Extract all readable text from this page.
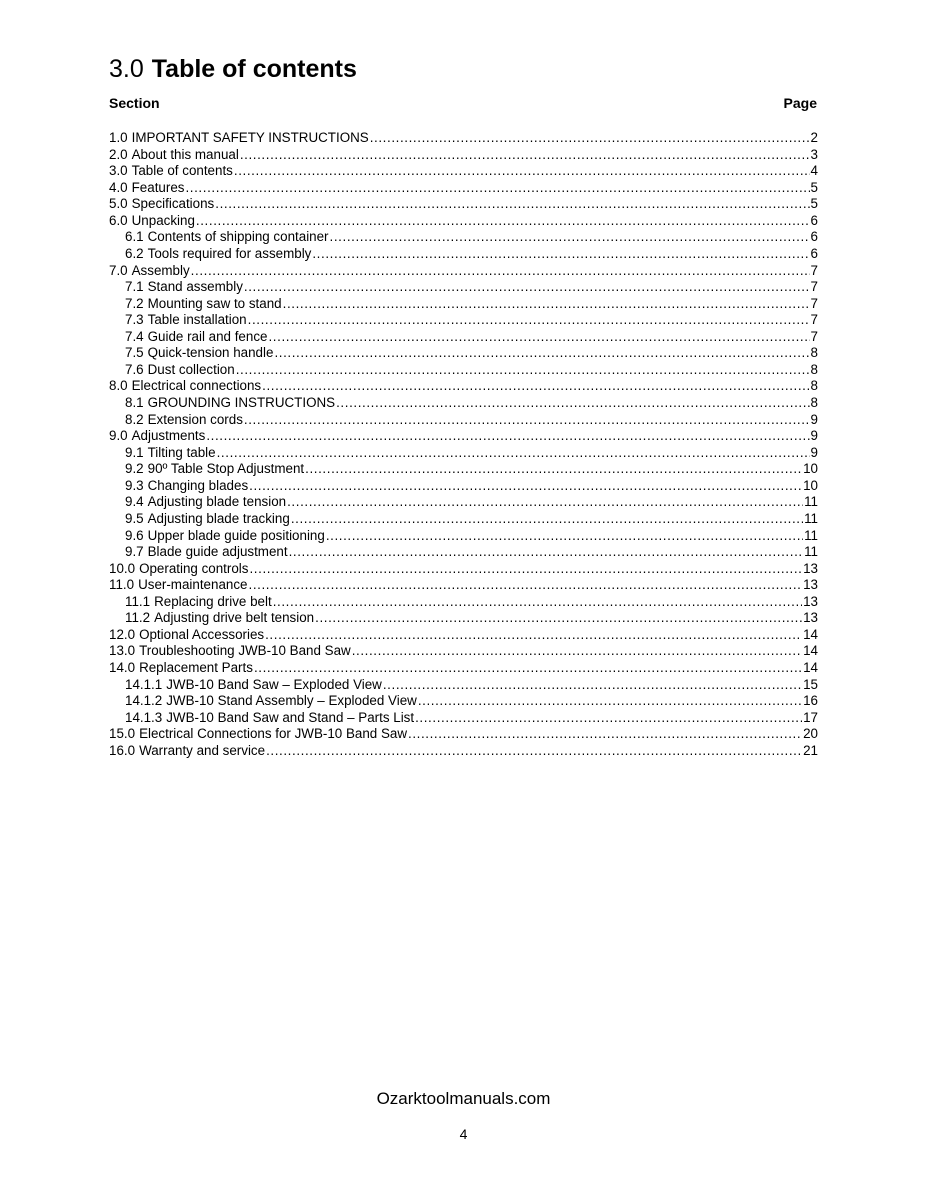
3.0 Table of contents
Section	Page
1.0 IMPORTANT SAFETY INSTRUCTIONS .....	2
2.0 About this manual .....	3
3.0 Table of contents .....	4
4.0 Features .....	5
5.0 Specifications .....	5
6.0 Unpacking .....	6
6.1 Contents of shipping container .....	6
6.2 Tools required for assembly .....	6
7.0 Assembly .....	7
7.1 Stand assembly .....	7
7.2 Mounting saw to stand .....	7
7.3 Table installation .....	7
7.4 Guide rail and fence .....	7
7.5 Quick-tension handle .....	8
7.6 Dust collection .....	8
8.0 Electrical connections .....	8
8.1 GROUNDING INSTRUCTIONS .....	8
8.2 Extension cords .....	9
9.0 Adjustments .....	9
9.1 Tilting table .....	9
9.2 90º Table Stop Adjustment .....	10
9.3 Changing blades .....	10
9.4 Adjusting blade tension .....	11
9.5 Adjusting blade tracking .....	11
9.6 Upper blade guide positioning .....	11
9.7 Blade guide adjustment .....	11
10.0 Operating controls .....	13
11.0 User-maintenance .....	13
11.1 Replacing drive belt .....	13
11.2 Adjusting drive belt tension .....	13
12.0 Optional Accessories .....	14
13.0 Troubleshooting JWB-10 Band Saw .....	14
14.0 Replacement Parts .....	14
14.1.1 JWB-10 Band Saw – Exploded View .....	15
14.1.2 JWB-10 Stand Assembly – Exploded View .....	16
14.1.3 JWB-10 Band Saw and Stand – Parts List .....	17
15.0 Electrical Connections for JWB-10 Band Saw .....	20
16.0 Warranty and service .....	21
Ozarktoolmanuals.com
4
